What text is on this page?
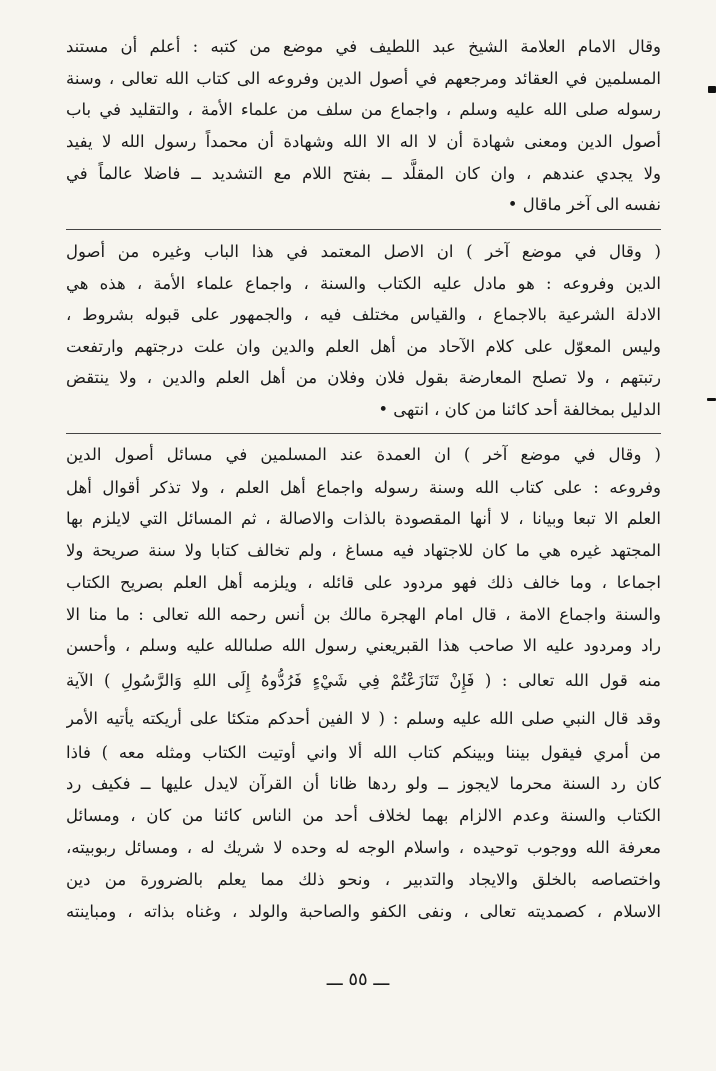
وقال الامام العلامة الشيخ عبد اللطيف في موضع من كتبه : أعلم أن مستند
المسلمين في العقائد ومرجعهم في أصول الدين وفروعه الى كتاب الله تعالى ، وسنة
رسوله صلى الله عليه وسلم ، واجماع من سلف من علماء الأمة ، والتقليد في باب
أصول الدين ومعنى شهادة أن لا اله الا الله وشهادة أن محمداً رسول الله لا يفيد
ولا يجدي عندهم ، وان كان المقلَّد ــ بفتح اللام مع التشديد ــ فاضلا عالماً في
نفسه الى آخر ماقال •
( وقال في موضع آخر ) ان الاصل المعتمد في هذا الباب وغيره من أصول
الدين وفروعه : هو مادل عليه الكتاب والسنة ، واجماع علماء الأمة ، هذه هي
الادلة الشرعية بالاجماع ، والقياس مختلف فيه ، والجمهور على قبوله بشروط ،
وليس المعوّل على كلام الآحاد من أهل العلم والدين وان علت درجتهم وارتفعت
رتبتهم ، ولا تصلح المعارضة بقول فلان وفلان من أهل العلم والدين ، ولا ينتقض
الدليل بمخالفة أحد كائنا من كان ، انتهى •
( وقال في موضع آخر ) ان العمدة عند المسلمين في مسائل أصول الدين
وفروعه : على كتاب الله وسنة رسوله واجماع أهل العلم ، ولا تذكر أقوال أهل
العلم الا تبعا وبيانا ، لا أنها المقصودة بالذات والاصالة ، ثم المسائل التي لايلزم بها
المجتهد غيره هي ما كان للاجتهاد فيه مساغ ، ولم تخالف كتابا ولا سنة صريحة ولا
اجماعا ، وما خالف ذلك فهو مردود على قائله ، ويلزمه أهل العلم بصريح الكتاب
والسنة واجماع الامة ، قال امام الهجرة مالك بن أنس رحمه الله تعالى : ما منا الا
راد ومردود عليه الا صاحب هذا القبريعني رسول الله صلىالله عليه وسلم ، وأحسن
منه قول الله تعالى : ( فَإِنْ تَنَازَعْتُمْ فِي شَيْءٍ فَرُدُّوهُ إِلَى اللهِ وَالرَّسُولِ ) الآية
وقد قال النبي صلى الله عليه وسلم : ( لا الفين أحدكم متكئا على أريكته يأتيه الأمر
من أمري فيقول بيننا وبينكم كتاب الله ألا واني أوتيت الكتاب ومثله معه ) فاذا
كان رد السنة محرما لايجوز ــ ولو ردها ظانا أن القرآن لايدل عليها ــ فكيف رد
الكتاب والسنة وعدم الالزام بهما لخلاف أحد من الناس كائنا من كان ، ومسائل
معرفة الله ووجوب توحيده ، واسلام الوجه له وحده لا شريك له ، ومسائل ربوبيته،
واختصاصه بالخلق والايجاد والتدبير ، ونحو ذلك مما يعلم بالضرورة من دين
الاسلام ، كصمديته تعالى ، ونفى الكفو والصاحبة والولد ، وغناه بذاته ، ومباينته
ـــ ٥٥ ـــ
